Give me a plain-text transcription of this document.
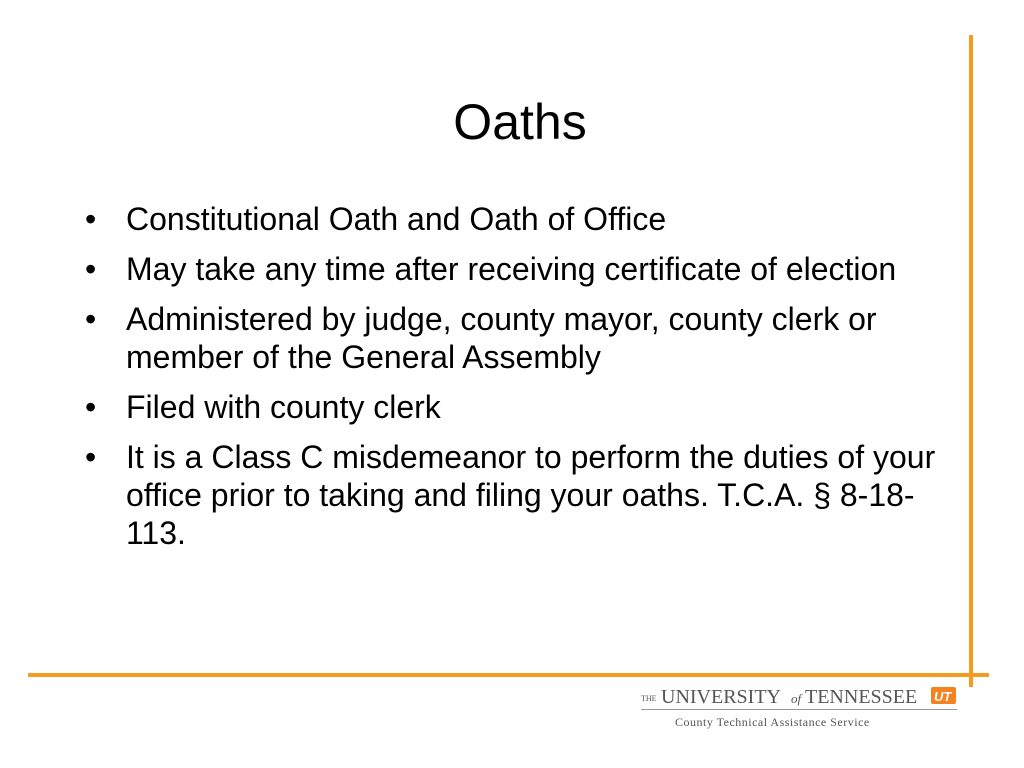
Oaths
• Constitutional Oath and Oath of Office
• May take any time after receiving certificate of election
• Administered by judge, county mayor, county clerk or member of the General Assembly
• Filed with county clerk
• It is a Class C misdemeanor to perform the duties of your office prior to taking and filing your oaths. T.C.A. § 8-18-113.
THE UNIVERSITY of TENNESSEE UT
County Technical Assistance Service
